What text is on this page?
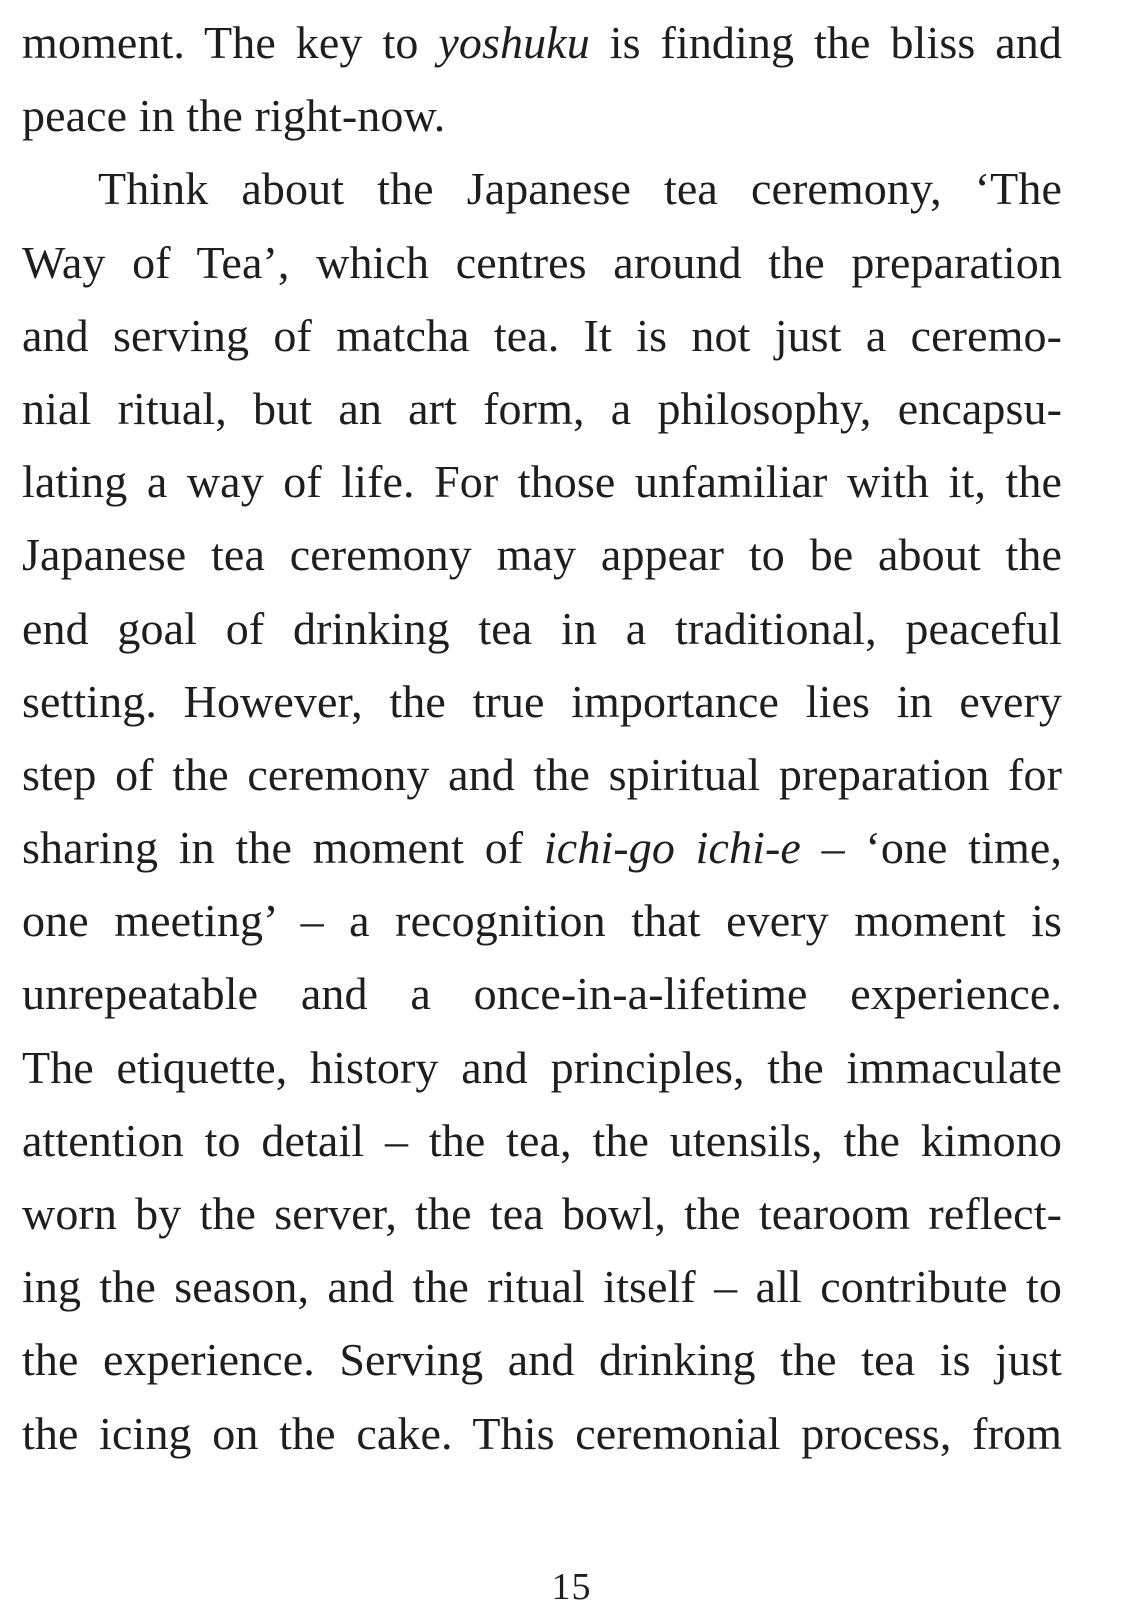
moment. The key to yoshuku is finding the bliss and
peace in the right-now.
Think about the Japanese tea ceremony, ‘The
Way of Tea’, which centres around the preparation
and serving of matcha tea. It is not just a ceremo-
nial ritual, but an art form, a philosophy, encapsu-
lating a way of life. For those unfamiliar with it, the
Japanese tea ceremony may appear to be about the
end goal of drinking tea in a traditional, peaceful
setting. However, the true importance lies in every
step of the ceremony and the spiritual preparation for
sharing in the moment of ichi-go ichi-e – ‘one time,
one meeting’ – a recognition that every moment is
unrepeatable and a once-in-a-lifetime experience.
The etiquette, history and principles, the immaculate
attention to detail – the tea, the utensils, the kimono
worn by the server, the tea bowl, the tearoom reflect-
ing the season, and the ritual itself – all contribute to
the experience. Serving and drinking the tea is just
the icing on the cake. This ceremonial process, from
15
